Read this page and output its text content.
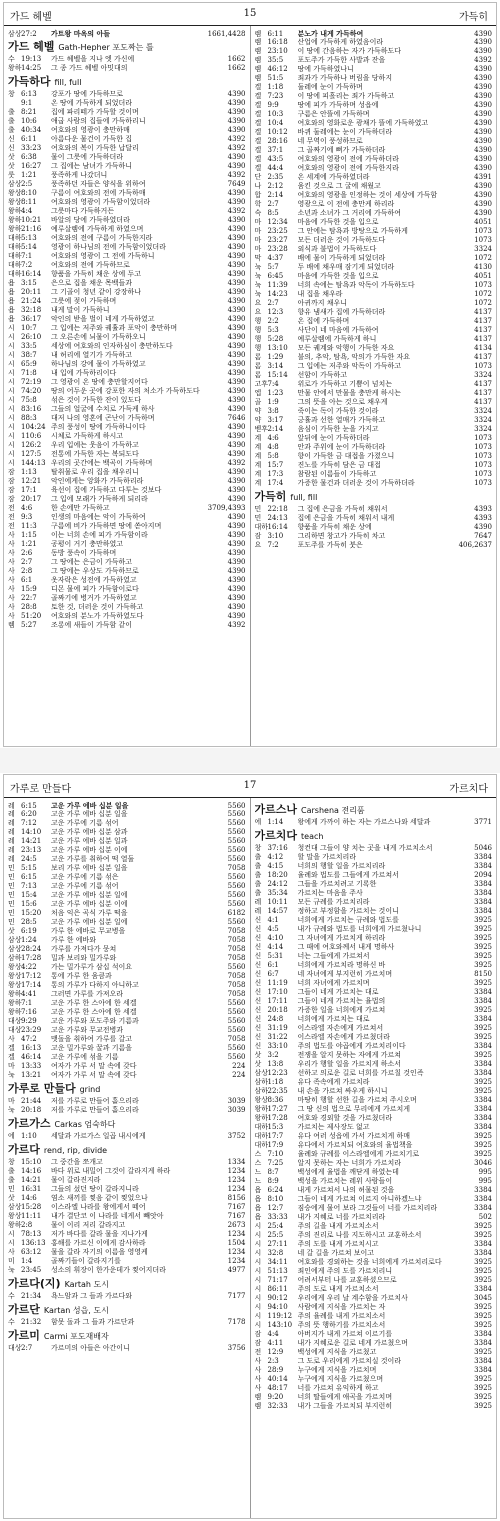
가드 헤벨	15	가득히
삼상 27:2	가트왕 마옥의 아들	1661,4428
가드 헤벨 Gath-Hepher 포도짜는 틀
수 19:13	가드 헤벨을 지나 엣 가신에	1662
왕하 14:25	그 종 가드 헤벨 아밋대의	1662
가득하다 fill, full
창 6:13	강포가 땅에 가득하므로	4390
9:1	온 땅에 가득하게 되었더라	4390
출 8:21	집에 파리떼가 가득할 것이며	4390
출 10:6	애굽 사람의 집들에 가득하리니	4390
출 40:34	여호와의 영광이 충만하매	4390
신 6:11	아름다운 물건이 가득한 집	4392
신 33:23	여호와의 복이 가득한 납달리	4392
삿 6:38	물이 그릇에 가득하더라	4390
삿 16:27	그 집에는 남녀가 가득하니	4390
룻 1:21	풍족하게 나갔더니	4392
삼상 2:5	풍족하던 자들은 양식을 위하여	7649
왕상 8:10	구름이 여호와의 전에 가득하매	4390
왕상 8:11	여호와의 영광이 가득함이었더라	4390
왕하 4:4	그릇마다 가득하거든	4392
왕하 10:21	바알의 당에 가득하였더라	4390
왕하 21:16	예루살렘에 가득하게 하였으며	4390
대하 5:13	여호와의 전에 구름이 가득한지라	4390
대하 5:14	영광이 하나님의 전에 가득함이었더라	4390
대하 7:1	여호와의 영광이 그 전에 가득하니	4390
대하 7:2	여호와의 전에 가득하므로	4390
대하 16:14	향품을 가득히 채운 상에 두고	4390
욥 3:15	은으로 집을 채운 목백들과	4390
욥 20:11	그 기골이 청년 같이 강장하나	4390
욥 21:24	그릇에 젖이 가득하며	4390
욥 32:18	내게 말이 가득하니	4390
욥 36:17	악인의 받을 벌이 네게 가득하였고	4390
시 10:7	그 입에는 저주와 궤휼과 포악이 충만하며	4390
시 26:10	그 오른손에 뇌물이 가득하오니	4390
시 33:5	세상에 여호와의 인자하심이 충만하도다	4390
시 38:7	내 허리에 열기가 가득하고	4390
시 65:9	하나님의 강에 물이 가득하였고	4390
시 71:8	내 입에 가득하리이다	4390
시 72:19	그 영광이 온 땅에 충만할지어다	4390
시 74:20	땅의 어두운 곳에 강포한 자의 처소가 가득하도다	4390
시 75:8	섞은 것이 가득한 잔이 있도다	4390
시 83:16	그들의 얼굴에 수치로 가득케 하사	4390
시 88:3	대저 나의 영혼에 곤난이 가득하며	7646
시 104:24 주의 풍성이 땅에 가득하니이다	4390
시 110:6	시체로 가득하게 하시고	4390
시 126:2	우리 입에는 웃음이 가득하고	4390
시 127:5	전통에 가득한 자는 복되도다	4390
시 144:13 우리의 곳간에는 백곡이 가득하며	4392
잠 1:13	탈취물로 우리 집을 채우리니	4390
잠 12:21	악인에게는 앙화가 가득하리라	4390
잠 17:1	육선이 집에 가득하고 다투는 것보다	4390
잠 20:17	그 입에 모래가 가득하게 되리라	4390
전 4:6	한 손에만 가득하고	3709,4393
전 9:3	인생의 마음에는 악이 가득하여	4390
전 11:3	구름에 비가 가득하면 땅에 쏟아지며	4390
사 1:15	이는 너희 손에 피가 가득함이라	4390
사 1:21	공평이 거기 충만하였고	4390
사 2:6	동방 풍속이 가득하며	4390
사 2:7	그 땅에는 은금이 가득하고	4390
사 2:8	그 땅에는 우상도 가득하므로	4390
사 6:1	옷자락은 성전에 가득하였고	4390
사 15:9	디몬 물에 피가 가득함이로다	4390
사 22:7	골짜기에 병거가 가득하였고	4390
사 28:8	토한 것, 더러운 것이 가득하고	4390
사 51:20	여호와의 분노가 가득하였도다	4390
렘 5:27	조롱에 새들이 가득함 같이	4392
렘 6:11	분노가 내게 가득하여	4390
렘 16:18	산업에 가득하게 하였음이라	4390
렘 23:10	이 땅에 간음하는 자가 가득하도다	4390
렘 35:5	포도주가 가득한 사발과 잔을	4392
렘 46:12	땅에 가득하였나니	4390
렘 51:5	죄과가 가득하나 버림을 당하지	4390
겔 1:18	둘레에 눈이 가득하며	4390
겔 7:23	이 땅에 피흘리는 죄가 가득하고	4390
겔 9:9	땅에 피가 가득하며 성읍에	4390
겔 10:3	구름은 안뜰에 가득하며	4390
겔 10:4	여호와의 영화로운 광채가 뜰에 가득하였고	4390
겔 10:12	바퀴 둘레에는 눈이 가득하더라	4390
겔 28:16	네 무역이 풍성하므로	4390
겔 37:1	그 골짜기에 뼈가 가득하더라	4390
겔 43:5	여호와의 영광이 전에 가득하더라	4390
겔 44:4	여호와의 영광이 전에 가득한지라	4390
단 2:35	온 세계에 가득하였더라	4391
나 2:12	움킨 것으로 그 굴에 채웠고	4390
합 2:14	여호와의 영광을 인정하는 것이 세상에 가득함	4390
학 2:7	영광으로 이 전에 충만케 하리라	4390
슥 8:5	소년과 소녀가 그 거리에 가득하여	4390
마 12:34	마음에 가득한 것을 입으로	4051
마 23:25	그 안에는 탐욕과 방탕으로 가득하게	1073
마 23:27	모든 더러운 것이 가득하도다	1073
마 23:28	외식과 불법이 가득하도다	3324
막 4:37	배에 물이 가득하게 되었더라	1072
눅 5:7	두 배에 채우매 잠기게 되었더라	4130
눅 6:45	마음에 가득한 것을 입으로	4051
눅 11:39	너희 속에는 탐욕과 악독이 가득하도다	1073
눅 14:23	내 집을 채우라	1072
요 2:7	아귀까지 채우니	1072
요 12:3	향유 냄새가 집에 가득하더라	4137
행 2:2	온 집에 가득하며	4137
행 5:3	사단이 네 마음에 가득하여	4137
행 5:28	예루살렘에 가득하게 하니	4137
행 13:10	모든 궤계와 악행이 가득한 자요	4134
롬 1:29	불의, 추악, 탐욕, 악의가 가득한 자요	4137
롬 3:14	그 입에는 저주와 악독이 가득하고	1073
롬 15:14	선함이 가득하고	3324
고후 7:4	위로가 가득하고 기쁨이 넘치는	4137
엡 1:23	만물 안에서 만물을 충만케 하시는	4137
골 1:9	그의 뜻을 아는 것으로 채우게	4137
약 3:8	죽이는 독이 가득한 것이라	3324
약 3:17	긍휼과 선한 열매가 가득하고	3324
벧후 2:14	음심이 가득한 눈을 가지고	3324
계 4:6	앞뒤에 눈이 가득하더라	1073
계 4:8	안과 주위에 눈이 가득하더라	1073
계 5:8	향이 가득한 금 대접을 가졌으니	1073
계 15:7	진노를 가득히 담은 금 대접	1073
계 17:3	참람된 이름들이 가득하고	1073
계 17:4	가증한 물건과 더러운 것이 가득하더라	1073
가득히 full, fill
민 22:18	그 집에 은금을 가득히 채워서	4393
민 24:13	집에 은금을 가득히 채워서 내게	4393
대하 16:14	향품을 가득히 채운 상에	4390
잠 3:10	그리하면 창고가 가득히 차고	7647
요 7:2	포도주를 가득히 붓은	406,2637
가루로 만들다	17	가르치다
레 6:15	고운 가루 에바 십분 일을	5560
레 6:20	고운 가루 에바 십분 일을	5560
레 7:12	고운 가루에 기름 섞어	5560
레 14:10	고운 가루 에바 십분 삼과	5560
레 14:21	고운 가루 에바 십분 일과	5560
레 23:13	고운 가루 에바 십분 이에	5560
레 24:5	고운 가루를 취하여 떡 열둘	5560
민 5:15	보리 가루 에바 십분 일을	7058
민 6:15	고운 가루에 기름 섞은	5560
민 7:13	고운 가루에 기름 섞어	5560
민 15:4	고운 가루 에바 십분 일에	5560
민 15:6	고운 가루 에바 십분 이에	5560
민 15:20	처음 익은 곡식 가루 떡을	6182
민 28:5	고운 가루 에바 십분 일에	5560
삿 6:19	가루 한 에바로 무교병을	7058
삼상 1:24	가루 한 에바와	7058
삼상 28:24	가루를 가져다가 뭉쳐	7058
삼하 17:28	밀과 보리와 밀가루와	7058
왕상 4:22	가는 밀가루가 삼십 석이요	5560
왕상 17:12	통에 가루 한 움큼과	7058
왕상 17:14	통의 가루가 다하지 아니하고	7058
왕하 4:41	그러면 가루를 가져오라	7058
왕하 7:1	고운 가루 한 스아에 한 세겔	5560
왕하 7:16	고운 가루 한 스아에 한 세겔	5560
대상 9:29	고운 가루와 포도주와 기름과	5560
대상 23:29	고운 가루와 무교전병과	5560
사 47:2	맷돌을 취하여 가루를 갈고	7058
겔 16:13	고운 밀가루와 꿀과 기름을	5560
겔 46:14	고운 가루에 섞을 기름	5560
마 13:33	여자가 가루 서 말 속에 갖다	224
눅 13:21	여자가 가루 서 말 속에 갖다	224
가루로 만들다 grind
마 21:44	저를 가루로 만들어 흩으리라	3039
눅 20:18	저를 가루로 만들어 흩으리라	3039
가르가스 Carkas 엄숙하다
에 1:10	세달과 가르가스 일곱 내시에게	3752
가르다 rend, rip, divide
창 15:10	그 중간을 쪼개고	1334
출 14:16	바다 위로 내밀어 그것이 갈라지게 하라	1234
출 14:21	물이 갈라진지라	1234
민 16:31	그들의 섰던 땅이 갈라지니라	1234
삿 14:6	염소 새끼를 찢음 같이 찢었으나	8156
삼상 15:28	이스라엘 나라를 왕에게서 떼어	7167
왕상 11:11	내가 결단코 이 나라를 네게서 빼앗아	7167
왕하 2:8	물이 이리 저리 갈라지고	2673
시 78:13	저가 바다를 갈라 물을 지나가게	1234
시 136:13 홍해를 가르신 이에게 감사하라	1504
사 63:12	물을 갈라 자기의 이름을 영영케	1234
미 1:4	골짜기들이 갈라지기를	1234
눅 23:45	성소의 휘장이 한가운데가 찢어지더라	4977
가르다(지) Kartah 도시
수 21:34	욕느암과 그 들과 가르다와	7177
가르단 Kartan 성읍, 도시
수 21:32	함못 돌과 그 들과 가르단과	7178
가르미 Carmi 포도재배자
대상 2:7	가르미의 아들은 아간이니	3756
가르스나 Carshena 전리품
에 1:14	왕에게 가까이 하는 자는 가르스나와 세달과	3771
가르치다 teach
창 37:16	청컨대 그들이 양 치는 곳을 내게 가르치소서	5046
출 4:12	할 말을 가르치리라	3384
출 4:15	너희의 행할 일을 가르치리라	3384
출 18:20	율례와 법도를 그들에게 가르쳐서	2094
출 24:12	그들을 가르치려고 기록한	3384
출 35:34	가르치는 마음을 주사	3384
레 10:11	모든 규례를 가르치리라	3384
레 14:57	정하고 부정함을 가르치는 것이니	3384
신 4:1	너희에게 가르치는 규례와 법도를	3925
신 4:5	내가 규례와 법도를 너희에게 가르쳤나니	3925
신 4:10	그 자녀에게 가르치게 하리라	3925
신 4:14	그 때에 여호와께서 내게 명하사	3925
신 5:31	너는 그들에게 가르쳐서	3925
신 6:1	너희에게 가르치라 명하신 바	3925
신 6:7	네 자녀에게 부지런히 가르치며	8150
신 11:19	너희 자녀에게 가르치며	3925
신 17:10	그들이 네게 가르치는 대로	3384
신 17:11	그들이 네게 가르치는 율법의	3384
신 20:18	가증한 일을 너희에게 가르쳐	3925
신 24:8	너희에게 가르치는 대로	3384
신 31:19	이스라엘 자손에게 가르쳐서	3925
신 31:22	이스라엘 자손에게 가르쳤더라	3925
신 33:10	주의 법도를 야곱에게 가르치리이다	3384
삿 3:2	전쟁을 알지 못하는 자에게 가르쳐	3925
삿 13:8	우리가 행할 일을 가르치게 하소서	3384
삼상 12:23	선하고 의로운 길로 너희를 가르칠 것인즉	3384
삼하 1:18	유다 족속에게 가르치라	3925
삼하 22:35	내 손을 가르쳐 싸우게 하시니	3925
왕상 8:36	마땅히 행할 선한 길을 가르쳐 주시오며	3384
왕하 17:27	그 땅 신의 법으로 무리에게 가르치게	3384
왕하 17:28	여호와 경외할 것을 가르쳤더라	3384
대하 15:3	가르치는 제사장도 없고	3384
대하 17:7	유다 여러 성읍에 가서 가르치게 하매	3925
대하 17:9	유다에서 가르치되 여호와의 율법책을	3925
스 7:10	율례와 규례를 이스라엘에게 가르치기로	3925
스 7:25	알지 못하는 자는 너희가 가르치라	3046
느 8:7	백성에게 율법을 깨닫게 하였는데	995
느 8:9	백성을 가르치는 레위 사람들이	995
욥 6:24	내게 가르쳐서 나의 허물된 것을	3384
욥 8:10	그들이 네게 가르쳐 이르지 아니하겠느냐	3384
욥 12:7	짐승에게 물어 보라 그것들이 너를 가르치리라	3384
욥 33:33	내가 지혜로 너를 가르치리라	502
시 25:4	주의 길을 내게 가르치소서	3925
시 25:5	주의 진리로 나를 지도하시고 교훈하소서	3925
시 27:11	주의 도를 내게 가르치시고	3384
시 32:8	네 갈 길을 가르쳐 보이고	3384
시 34:11	여호와를 경외하는 것을 너희에게 가르치리로다	3925
시 51:13	죄인에게 주의 도를 가르치리니	3925
시 71:17	어려서부터 나를 교훈하셨으므로	3925
시 86:11	주의 도로 내게 가르치소서	3384
시 90:12	우리에게 우리 날 계수함을 가르치사	3045
시 94:10	사람에게 지식을 가르치는 자	3925
시 119:12 주의 율례를 내게 가르치소서	3925
시 143:10 주의 뜻 행하기를 가르치소서	3925
잠 4:4	아버지가 내게 가르쳐 이르기를	3384
잠 4:11	내가 지혜로운 길로 네게 가르쳤으며	3384
전 12:9	백성에게 지식을 가르쳤고	3925
사 2:3	그 도로 우리에게 가르치실 것이라	3384
사 28:9	누구에게 지식을 가르치며	3384
사 40:14	누구에게 지식을 가르쳤으며	3925
사 48:17	너를 가르쳐 유익하게 하고	3925
렘 9:20	너희 딸들에게 애곡을 가르치며	3925
렘 32:33	내가 그들을 가르치되 부지런히	3925
